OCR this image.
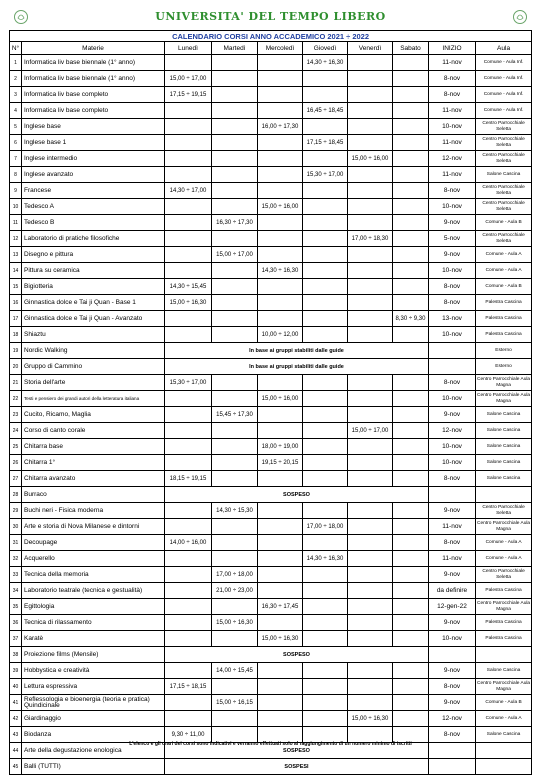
UNIVERSITA' DEL TEMPO LIBERO
CALENDARIO CORSI ANNO ACCADEMICO 2021 ÷ 2022									
N°	Materie	Lunedì	Martedì	Mercoledì	Giovedì	Venerdì	Sabato	INIZIO	Aula
1	Informatica liv base biennale (1° anno)				14,30 ÷ 16,30			11-nov	Comune - Aula Inf.
2	Informatica liv base biennale (1° anno)	15,00 ÷ 17,00						8-nov	Comune - Aula Inf.
3	Informatica liv base completo	17,15 ÷ 19,15						8-nov	Comune - Aula Inf.
4	Informatica liv base completo				16,45 ÷ 18,45			11-nov	Comune - Aula Inf.
5	Inglese base			16,00 ÷ 17,30				10-nov	Centro Parrocchiale Seletta
6	Inglese base 1				17,15 ÷ 18,45			11-nov	Centro Parrocchiale Seletta
7	Inglese intermedio					15,00 ÷ 16,00		12-nov	Centro Parrocchiale Seletta
8	Inglese avanzato				15,30 ÷ 17,00			11-nov	Salone Cascina
9	Francese	14,30 ÷ 17,00						8-nov	Centro Parrocchiale Seletta
10	Tedesco A			15,00 ÷ 16,00				10-nov	Centro Parrocchiale Seletta
11	Tedesco B		16,30 ÷ 17,30					9-nov	Comune - Aula B
12	Laboratorio di pratiche filosofiche					17,00 ÷ 18,30		5-nov	Centro Parrocchiale Seletta
13	Disegno e pittura		15,00 ÷ 17,00					9-nov	Comune - Aula A
14	Pittura su ceramica			14,30 ÷ 16,30				10-nov	Comune - Aula A
15	Bigiotteria	14,30 ÷ 15,45						8-nov	Comune - Aula B
16	Ginnastica dolce e Tai ji Quan - Base 1	15,00 ÷ 16,30						8-nov	Palestra Cascina
17	Ginnastica dolce e Tai ji Quan - Avanzato						8,30 ÷ 9,30	13-nov	Palestra Cascina
18	Shiaztu			10,00 ÷ 12,00				10-nov	Palestra Cascina
19	Nordic Walking	In base ai gruppi stabiliti dalle guide							Esterno
20	Gruppo di Cammino	In base ai gruppi stabiliti dalle guide							Esterno
21	Storia dell'arte	15,30 ÷ 17,00						8-nov	Centro Parrocchiale Aula Magna
22	Testi e pensiero dei grandi autori della letteratura italiana			15,00 ÷ 16,00				10-nov	Centro Parrocchiale Aula Magna
23	Cucito, Ricamo, Maglia		15,45 ÷ 17,30					9-nov	Salone Cascina
24	Corso di canto corale					15,00 ÷ 17,00		12-nov	Salone Cascina
25	Chitarra base			18,00 ÷ 19,00				10-nov	Salone Cascina
26	Chitarra 1°			19,15 ÷ 20,15				10-nov	Salone Cascina
27	Chitarra avanzato	18,15 ÷ 19,15						8-nov	Salone Cascina
28	Burraco	SOSPESO							
29	Buchi neri - Fisica moderna		14,30 ÷ 15,30					9-nov	Centro Parrocchiale Seletta
30	Arte e storia di Nova Milanese e dintorni				17,00 ÷ 18,00			11-nov	Centro Parrocchiale Aula Magna
31	Decoupage	14,00 ÷ 16,00						8-nov	Comune - Aula A
32	Acquerello				14,30 ÷ 16,30			11-nov	Comune - Aula A
33	Tecnica della memoria		17,00 ÷ 18,00					9-nov	Centro Parrocchiale Seletta
34	Laboratorio teatrale (tecnica e gestualità)		21,00 ÷ 23,00					da definire	Palestra Cascina
35	Egittologia			16,30 ÷ 17,45				12-gen-22	Centro Parrocchiale Aula Magna
36	Tecnica di rilassamento		15,00 ÷ 16,30					9-nov	Palestra Cascina
37	Karatè			15,00 ÷ 16,30				10-nov	Palestra Cascina
38	Proiezione films (Mensile)	SOSPESO							
39	Hobbystica e creatività		14,00 ÷ 15,45					9-nov	Salone Cascina
40	Lettura espressiva	17,15 ÷ 18,15						8-nov	Centro Parrocchiale Aula Magna
41	Reflessologia e bioenergia (teoria e pratica) Quindicinale		15,00 ÷ 16,15					9-nov	Comune - Aula B
42	Giardinaggio					15,00 ÷ 16,30		12-nov	Comune - Aula A
43	Biodanza	9,30 ÷ 11,00						8-nov	Salone Cascina
44	Arte della degustazione enologica	SOSPESO							
45	Balli (TUTTI)	SOSPESI							
L'elenco e gli orari dei corsi sono indicativi e verranno effettuati solo al raggiungimento di un numero minimo di iscritti
